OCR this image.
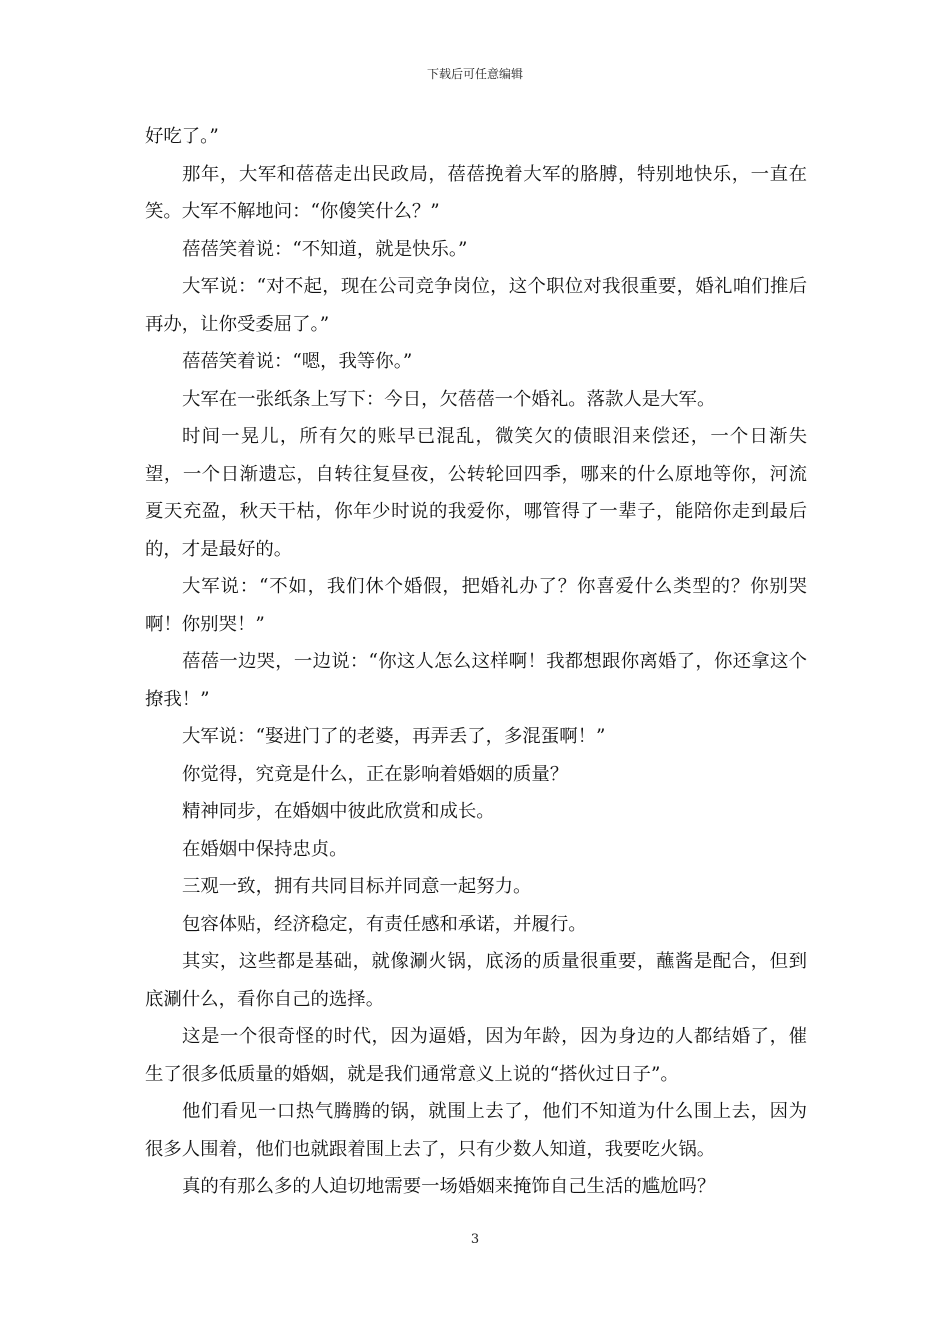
下载后可任意编辑

好吃了。”

那年，大军和蓓蓓走出民政局，蓓蓓挽着大军的胳膊，特别地快乐，一直在笑。大军不解地问：“你傻笑什么？”

蓓蓓笑着说：“不知道，就是快乐。”

大军说：“对不起，现在公司竞争岗位，这个职位对我很重要，婚礼咱们推后再办，让你受委屈了。”

蓓蓓笑着说：“嗯，我等你。”

大军在一张纸条上写下：今日，欠蓓蓓一个婚礼。落款人是大军。

时间一晃儿，所有欠的账早已混乱，微笑欠的债眼泪来偿还，一个日渐失望，一个日渐遗忘，自转往复昼夜，公转轮回四季，哪来的什么原地等你，河流夏天充盈，秋天干枯，你年少时说的我爱你，哪管得了一辈子，能陪你走到最后的，才是最好的。

大军说：“不如，我们休个婚假，把婚礼办了？你喜爱什么类型的？你别哭啊！你别哭！”

蓓蓓一边哭，一边说：“你这人怎么这样啊！我都想跟你离婚了，你还拿这个撩我！”

大军说：“娶进门了的老婆，再弄丢了，多混蛋啊！”

你觉得，究竟是什么，正在影响着婚姻的质量？

精神同步，在婚姻中彼此欣赏和成长。

在婚姻中保持忠贞。

三观一致，拥有共同目标并同意一起努力。

包容体贴，经济稳定，有责任感和承诺，并履行。

其实，这些都是基础，就像涮火锅，底汤的质量很重要，蘸酱是配合，但到底涮什么，看你自己的选择。

这是一个很奇怪的时代，因为逼婚，因为年龄，因为身边的人都结婚了，催生了很多低质量的婚姻，就是我们通常意义上说的“搭伙过日子”。

他们看见一口热气腾腾的锅，就围上去了，他们不知道为什么围上去，因为很多人围着，他们也就跟着围上去了，只有少数人知道，我要吃火锅。

真的有那么多的人迫切地需要一场婚姻来掩饰自己生活的尴尬吗？

3
